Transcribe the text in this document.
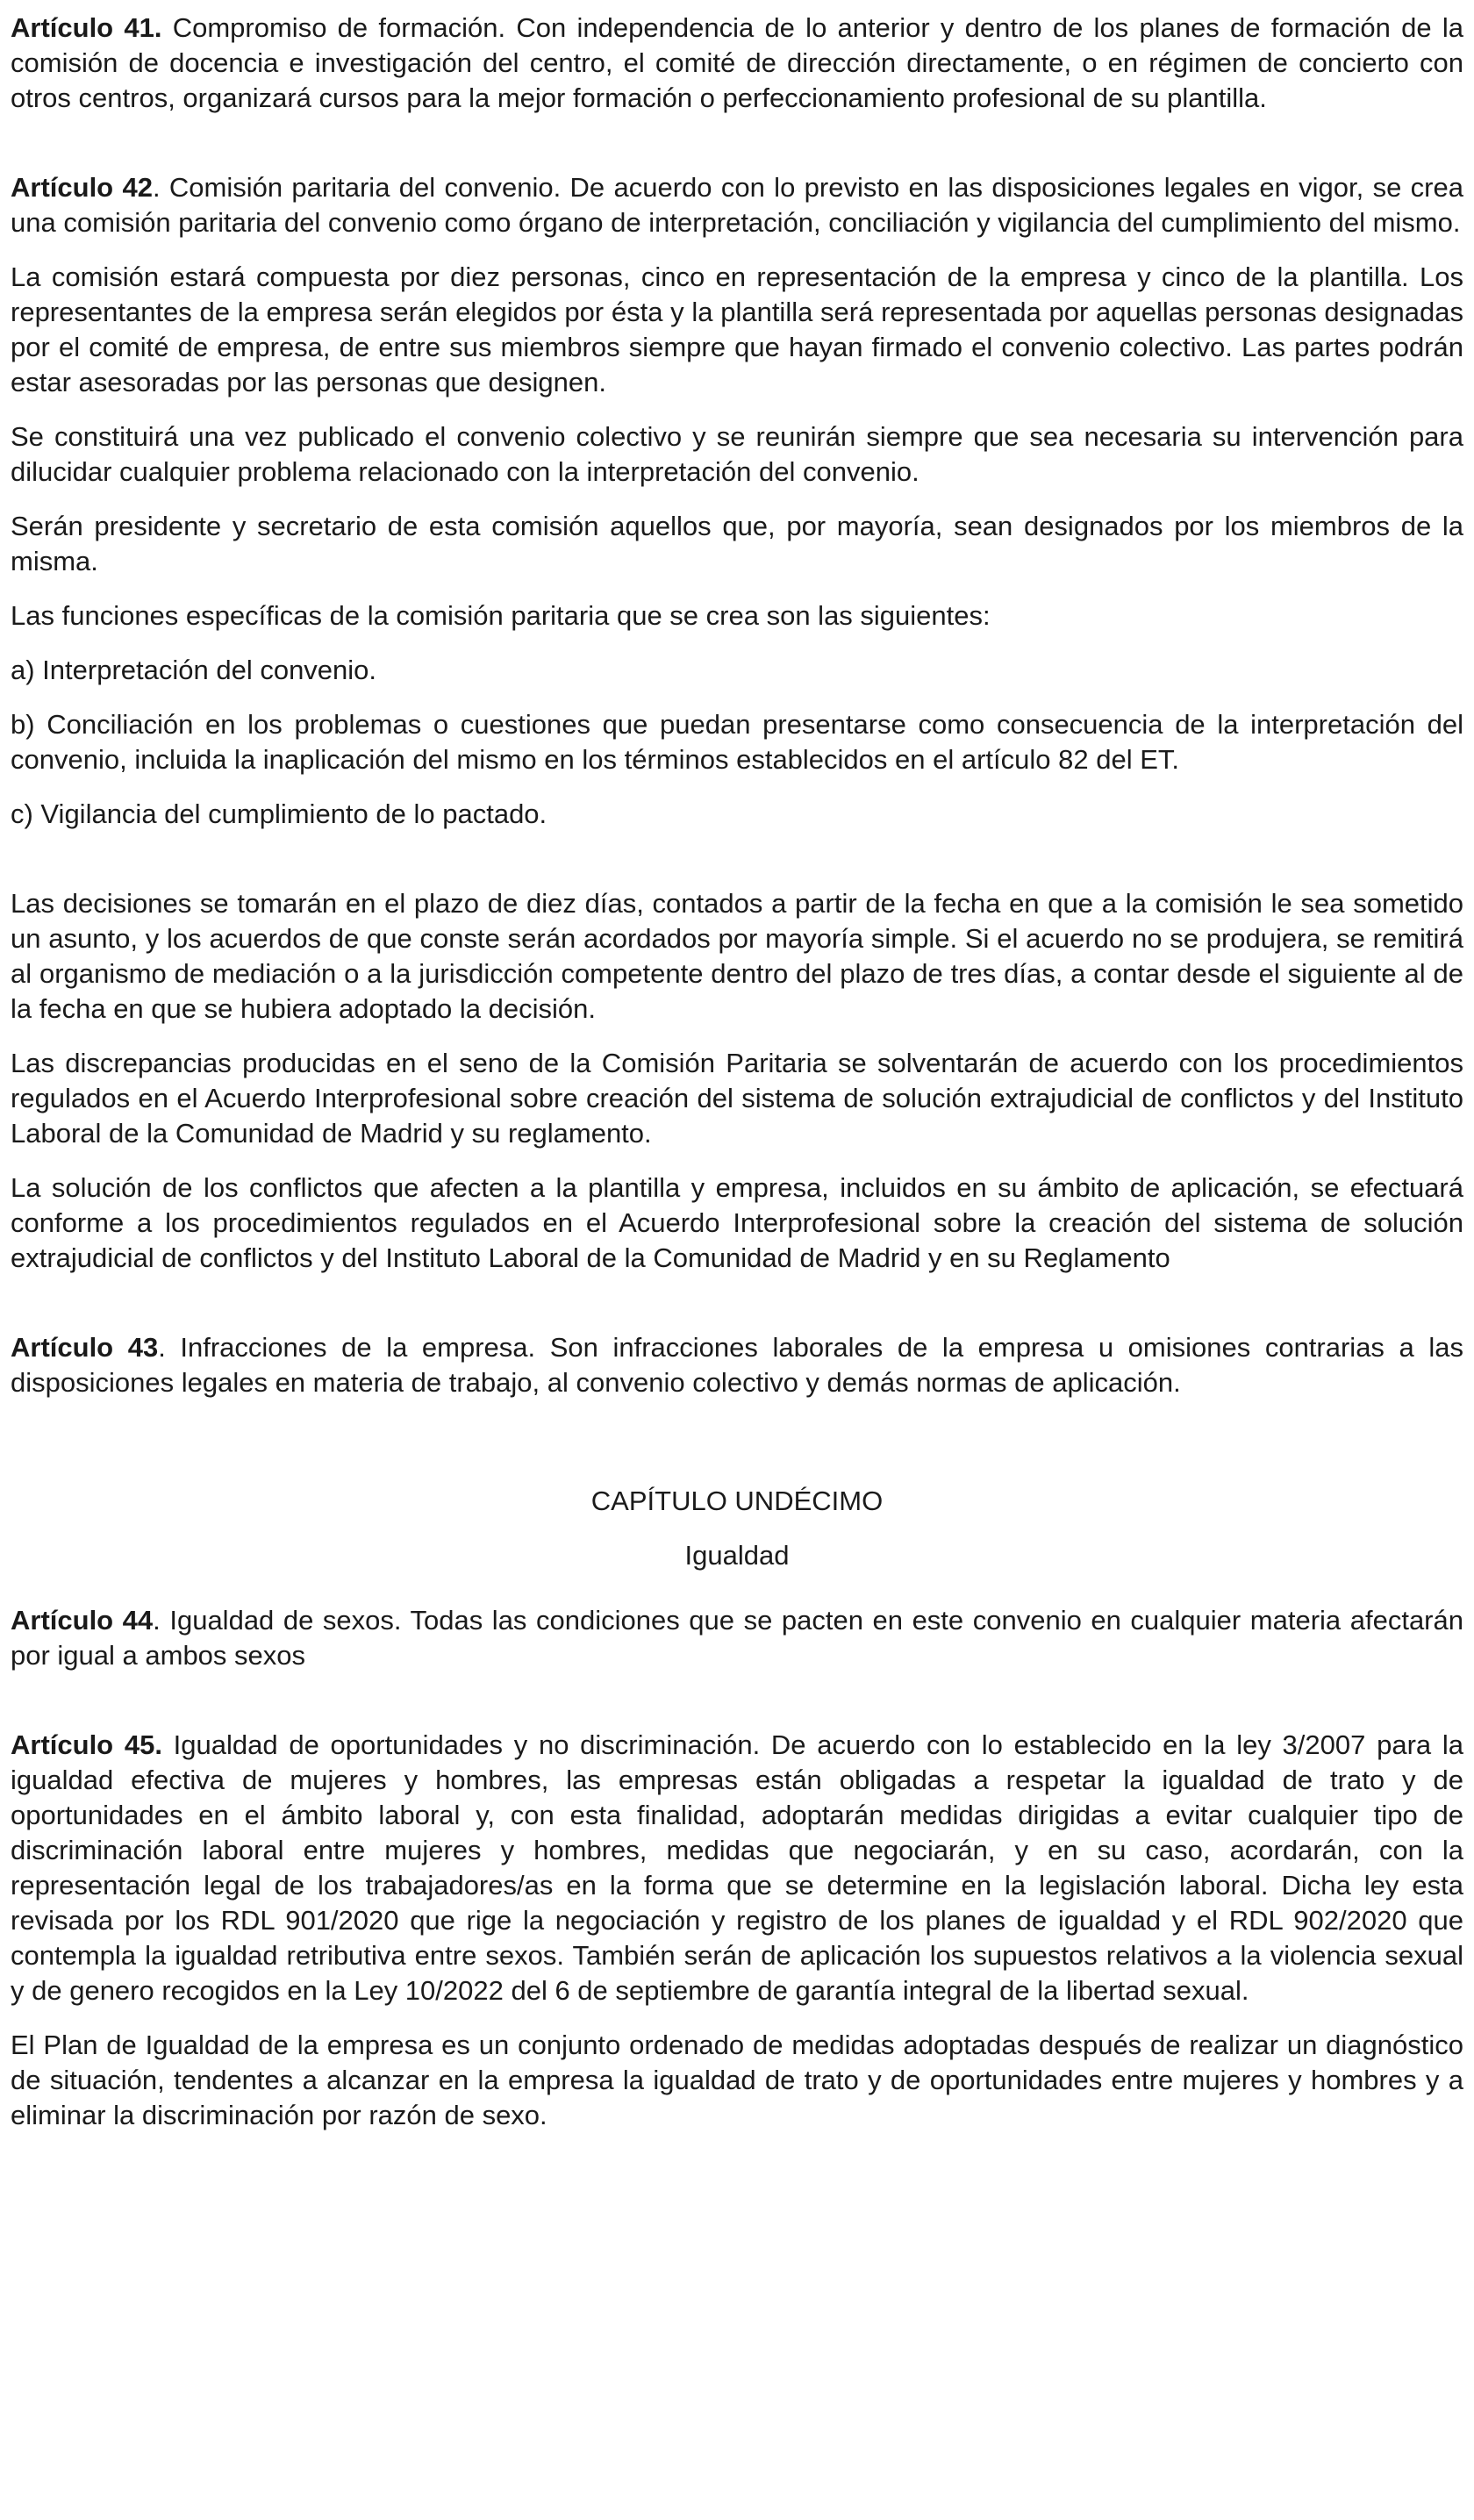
Artículo 41. Compromiso de formación. Con independencia de lo anterior y dentro de los planes de formación de la comisión de docencia e investigación del centro, el comité de dirección directamente, o en régimen de concierto con otros centros, organizará cursos para la mejor formación o perfeccionamiento profesional de su plantilla.

Artículo 42. Comisión paritaria del convenio. De acuerdo con lo previsto en las disposiciones legales en vigor, se crea una comisión paritaria del convenio como órgano de interpretación, conciliación y vigilancia del cumplimiento del mismo.

La comisión estará compuesta por diez personas, cinco en representación de la empresa y cinco de la plantilla. Los representantes de la empresa serán elegidos por ésta y la plantilla será representada por aquellas personas designadas por el comité de empresa, de entre sus miembros siempre que hayan firmado el convenio colectivo. Las partes podrán estar asesoradas por las personas que designen.

Se constituirá una vez publicado el convenio colectivo y se reunirán siempre que sea necesaria su intervención para dilucidar cualquier problema relacionado con la interpretación del convenio.

Serán presidente y secretario de esta comisión aquellos que, por mayoría, sean designados por los miembros de la misma.

Las funciones específicas de la comisión paritaria que se crea son las siguientes:

a) Interpretación del convenio.

b) Conciliación en los problemas o cuestiones que puedan presentarse como consecuencia de la interpretación del convenio, incluida la inaplicación del mismo en los términos establecidos en el artículo 82 del ET.

c) Vigilancia del cumplimiento de lo pactado.

Las decisiones se tomarán en el plazo de diez días, contados a partir de la fecha en que a la comisión le sea sometido un asunto, y los acuerdos de que conste serán acordados por mayoría simple. Si el acuerdo no se produjera, se remitirá al organismo de mediación o a la jurisdicción competente dentro del plazo de tres días, a contar desde el siguiente al de la fecha en que se hubiera adoptado la decisión.

Las discrepancias producidas en el seno de la Comisión Paritaria se solventarán de acuerdo con los procedimientos regulados en el Acuerdo Interprofesional sobre creación del sistema de solución extrajudicial de conflictos y del Instituto Laboral de la Comunidad de Madrid y su reglamento.

La solución de los conflictos que afecten a la plantilla y empresa, incluidos en su ámbito de aplicación, se efectuará conforme a los procedimientos regulados en el Acuerdo Interprofesional sobre la creación del sistema de solución extrajudicial de conflictos y del Instituto Laboral de la Comunidad de Madrid y en su Reglamento

Artículo 43. Infracciones de la empresa. Son infracciones laborales de la empresa u omisiones contrarias a las disposiciones legales en materia de trabajo, al convenio colectivo y demás normas de aplicación.

CAPÍTULO UNDÉCIMO

Igualdad

Artículo 44. Igualdad de sexos. Todas las condiciones que se pacten en este convenio en cualquier materia afectarán por igual a ambos sexos

Artículo 45. Igualdad de oportunidades y no discriminación. De acuerdo con lo establecido en la ley 3/2007 para la igualdad efectiva de mujeres y hombres, las empresas están obligadas a respetar la igualdad de trato y de oportunidades en el ámbito laboral y, con esta finalidad, adoptarán medidas dirigidas a evitar cualquier tipo de discriminación laboral entre mujeres y hombres, medidas que negociarán, y en su caso, acordarán, con la representación legal de los trabajadores/as en la forma que se determine en la legislación laboral. Dicha ley esta revisada por los RDL 901/2020 que rige la negociación y registro de los planes de igualdad y el RDL 902/2020 que contempla la igualdad retributiva entre sexos. También serán de aplicación los supuestos relativos a la violencia sexual y de genero recogidos en la Ley 10/2022 del 6 de septiembre de garantía integral de la libertad sexual.

El Plan de Igualdad de la empresa es un conjunto ordenado de medidas adoptadas después de realizar un diagnóstico de situación, tendentes a alcanzar en la empresa la igualdad de trato y de oportunidades entre mujeres y hombres y a eliminar la discriminación por razón de sexo.
